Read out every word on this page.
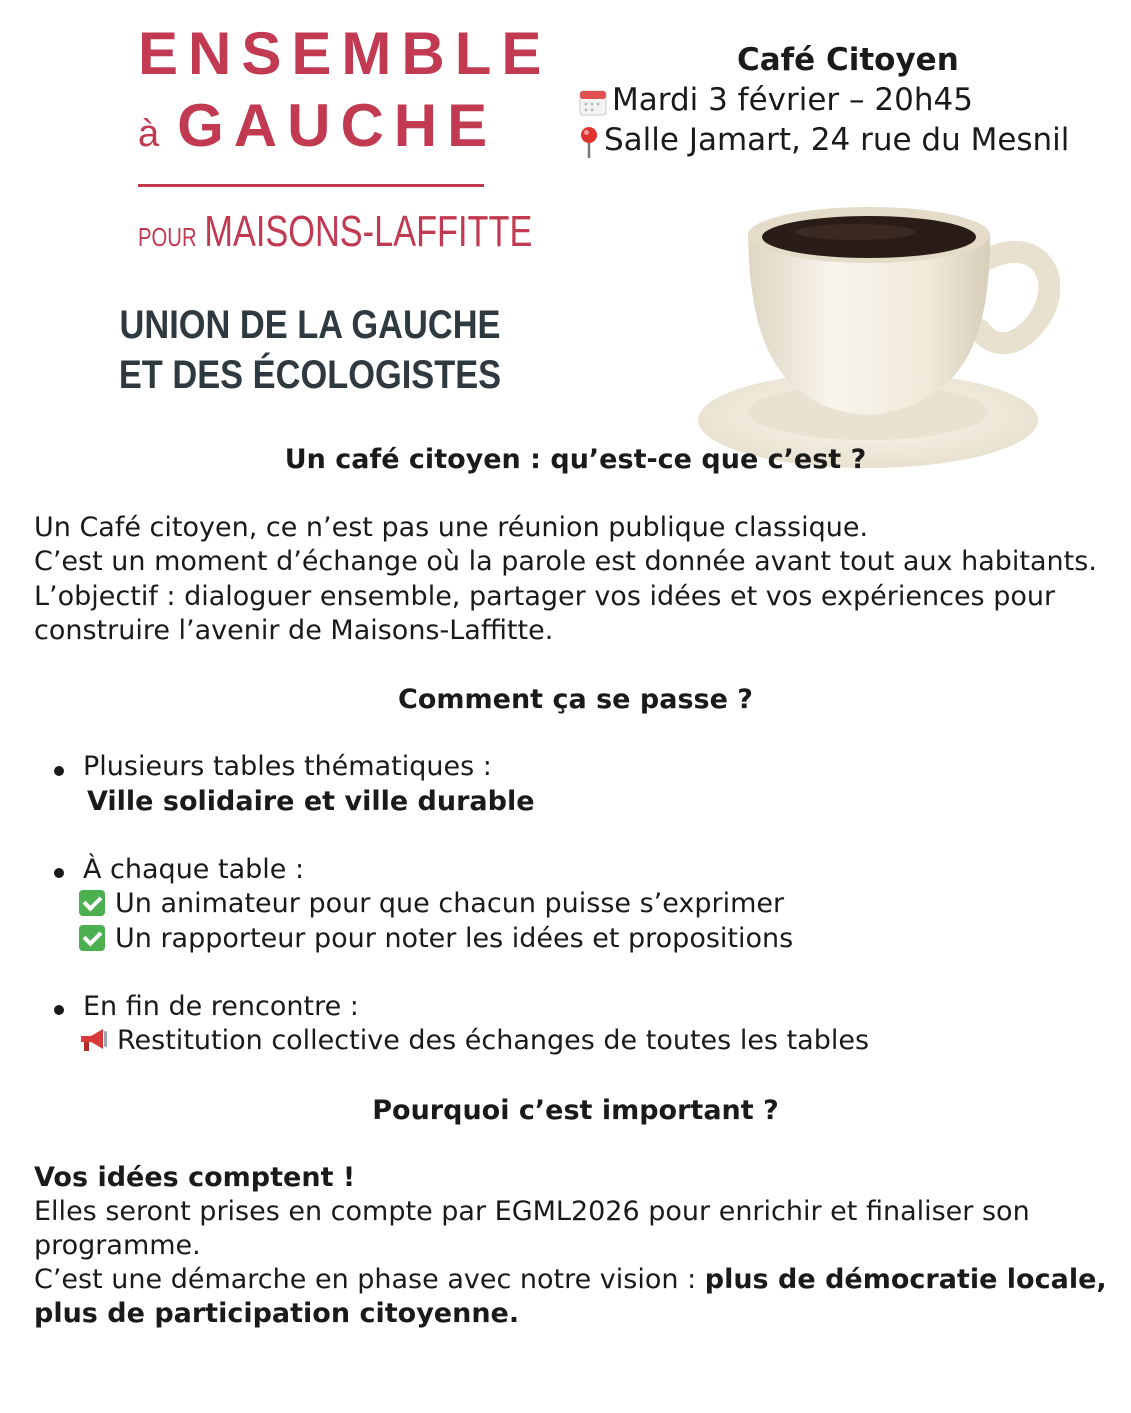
ENSEMBLE
à GAUCHE
POUR MAISONS-LAFFITTE
UNION DE LA GAUCHE ET DES ÉCOLOGISTES
Café Citoyen
Mardi 3 février – 20h45
Salle Jamart, 24 rue du Mesnil
Un café citoyen : qu’est-ce que c’est ?
Un Café citoyen, ce n’est pas une réunion publique classique.
C’est un moment d’échange où la parole est donnée avant tout aux habitants.
L’objectif : dialoguer ensemble, partager vos idées et vos expériences pour
construire l’avenir de Maisons-Laffitte.
Comment ça se passe ?
Plusieurs tables thématiques :
Ville solidaire et ville durable
À chaque table :
Un animateur pour que chacun puisse s’exprimer
Un rapporteur pour noter les idées et propositions
En fin de rencontre :
Restitution collective des échanges de toutes les tables
Pourquoi c’est important ?
Vos idées comptent !
Elles seront prises en compte par EGML2026 pour enrichir et finaliser son
programme.
C’est une démarche en phase avec notre vision : plus de démocratie locale,
plus de participation citoyenne.
